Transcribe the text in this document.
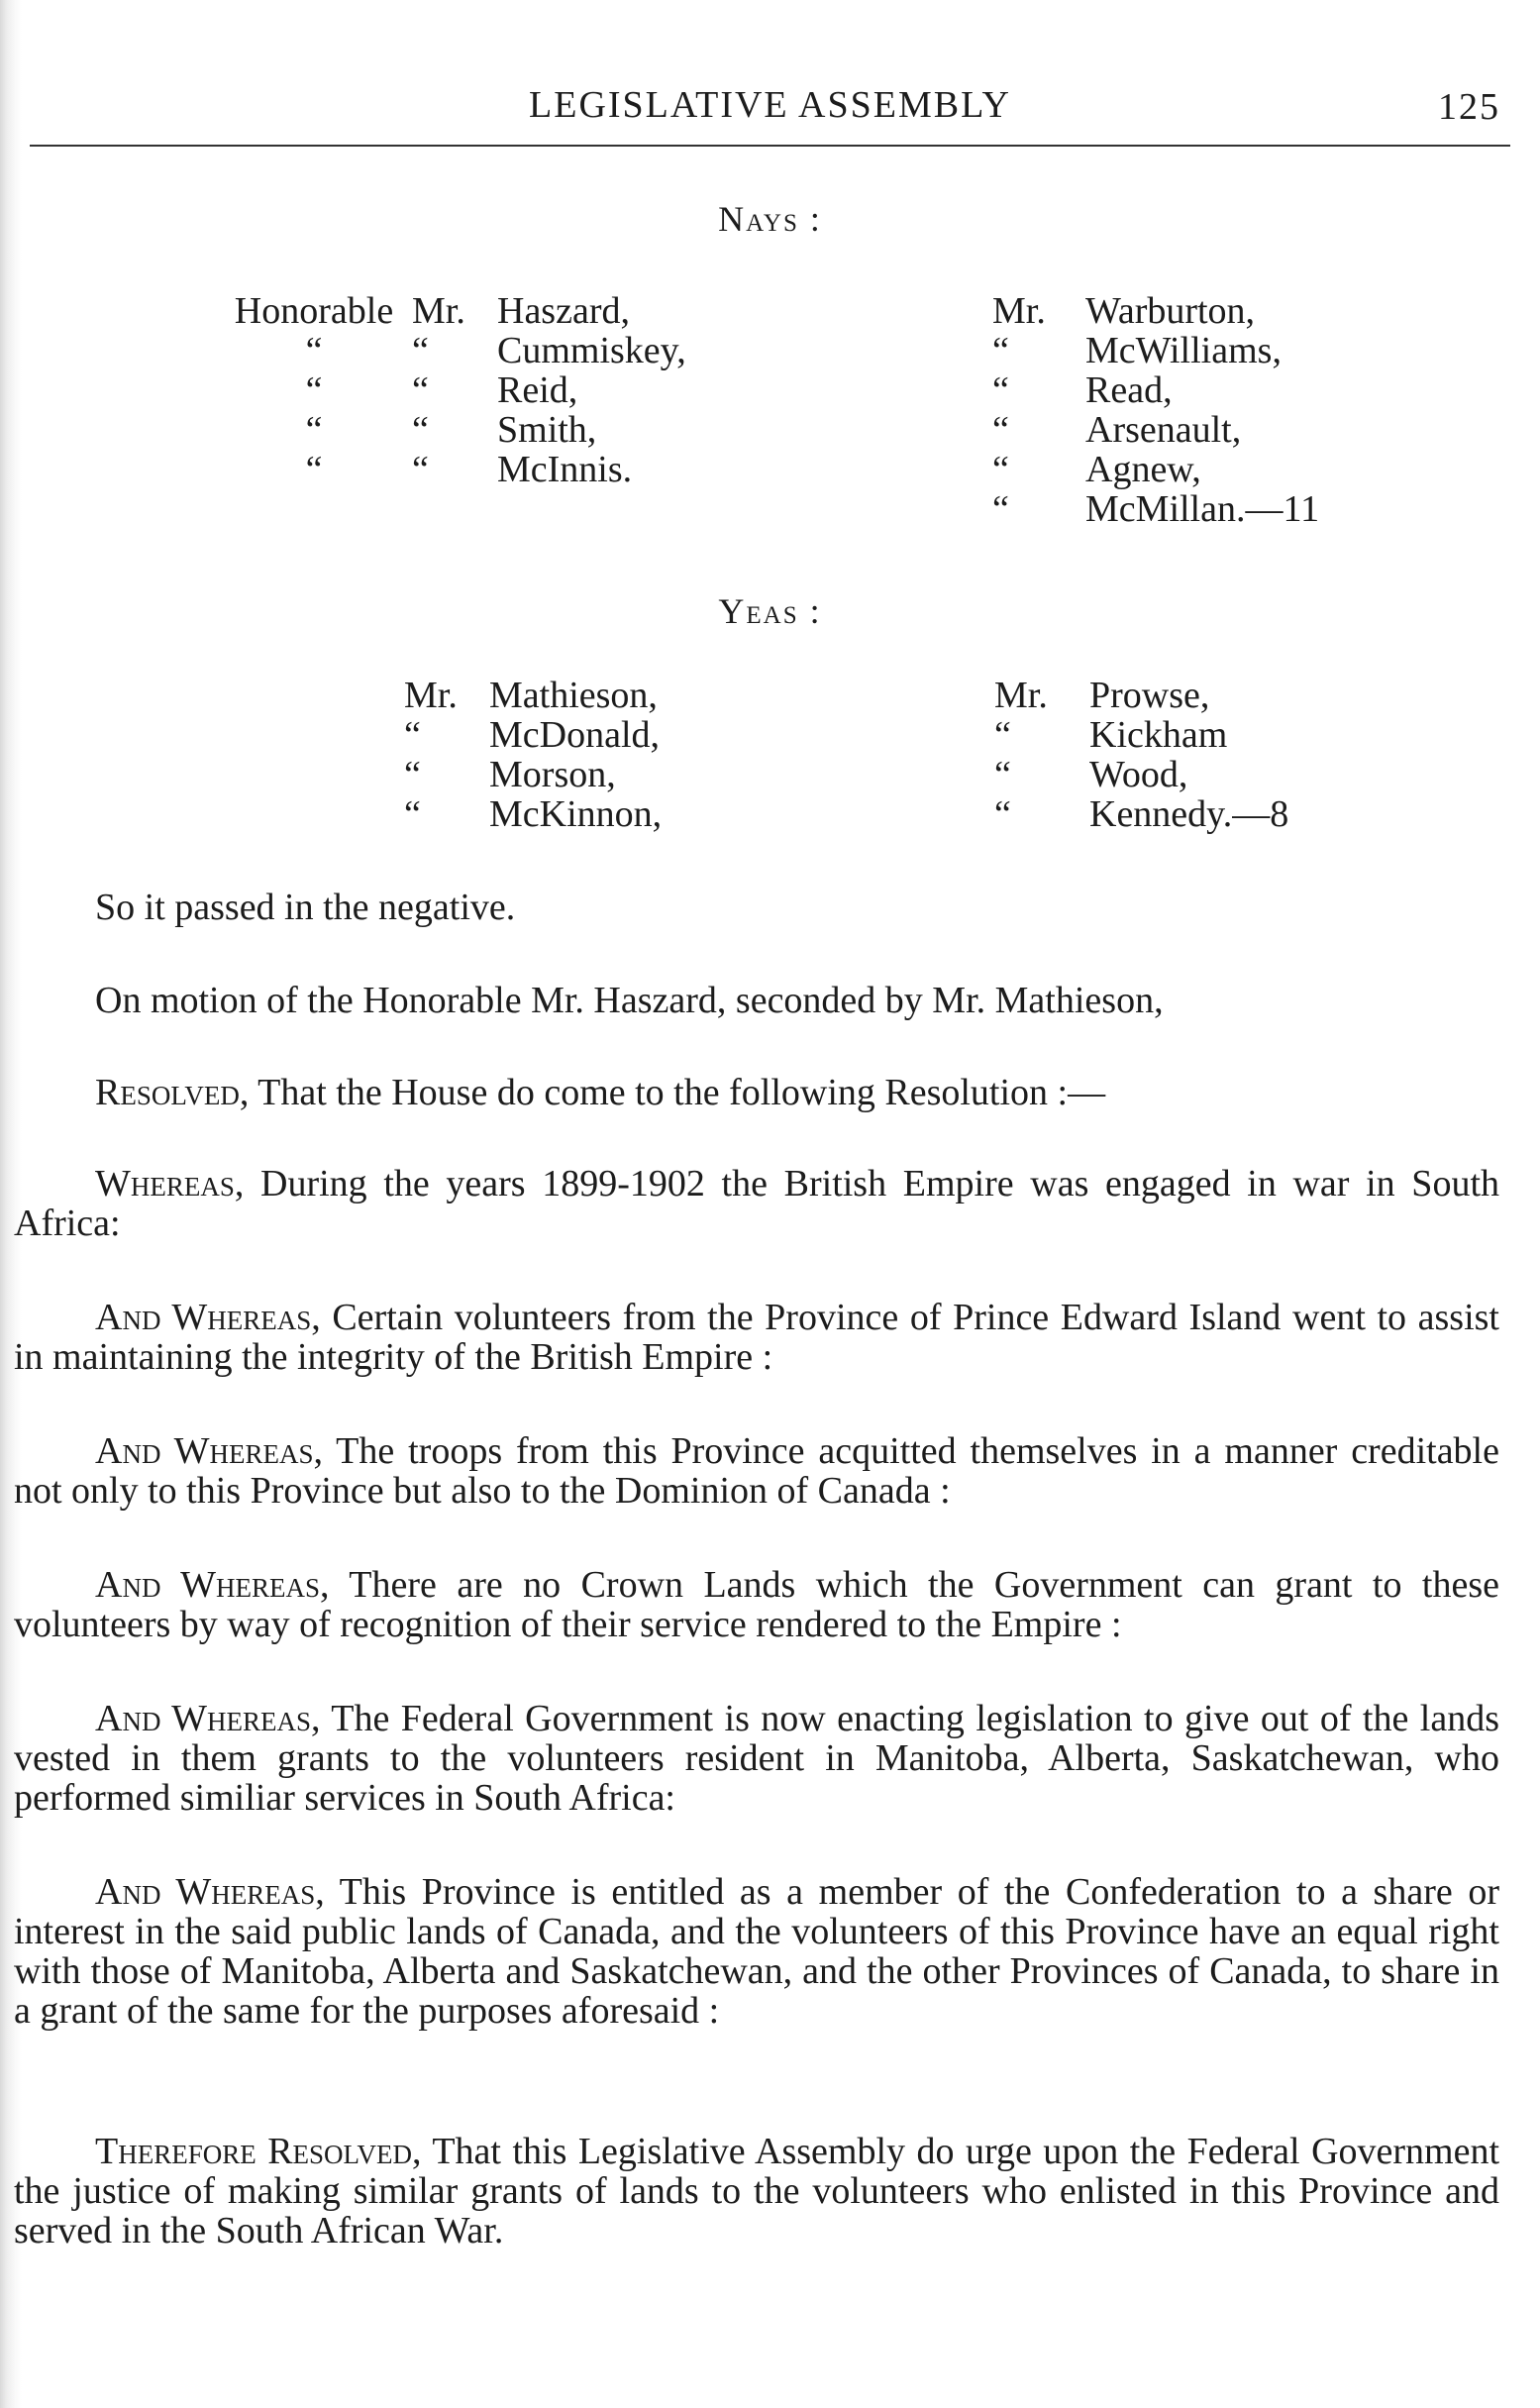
LEGISLATIVE ASSEMBLY	125
Nays :
Honorable Mr. Haszard,
“	“	Cummiskey,
“	“	Reid,
“	“	Smith,
“	“	McInnis.
Mr.	Warburton,
“	McWilliams,
“	Read,
“	Arsenault,
“	Agnew,
“	McMillan.—11
Yeas :
Mr. Mathieson,
“	McDonald,
“	Morson,
“	McKinnon,
Mr.	Prowse,
“	Kickham
“	Wood,
“	Kennedy.—8

So it passed in the negative.

On motion of the Honorable Mr. Haszard, seconded by Mr. Mathieson,

Resolved, That the House do come to the following Resolution :—

Whereas, During the years 1899-1902 the British Empire was engaged in war in South Africa:

And Whereas, Certain volunteers from the Province of Prince Edward Island went to assist in maintaining the integrity of the British Empire :

And Whereas, The troops from this Province acquitted themselves in a manner creditable not only to this Province but also to the Dominion of Canada :

And Whereas, There are no Crown Lands which the Government can grant to these volunteers by way of recognition of their service rendered to the Empire :

And Whereas, The Federal Government is now enacting legislation to give out of the lands vested in them grants to the volunteers resident in Manitoba, Alberta, Saskatchewan, who performed similiar services in South Africa:

And Whereas, This Province is entitled as a member of the Confederation to a share or interest in the said public lands of Canada, and the volunteers of this Province have an equal right with those of Manitoba, Alberta and Saskatchewan, and the other Provinces of Canada, to share in a grant of the same for the purposes aforesaid :

Therefore Resolved, That this Legislative Assembly do urge upon the Federal Government the justice of making similar grants of lands to the volunteers who enlisted in this Province and served in the South African War.
